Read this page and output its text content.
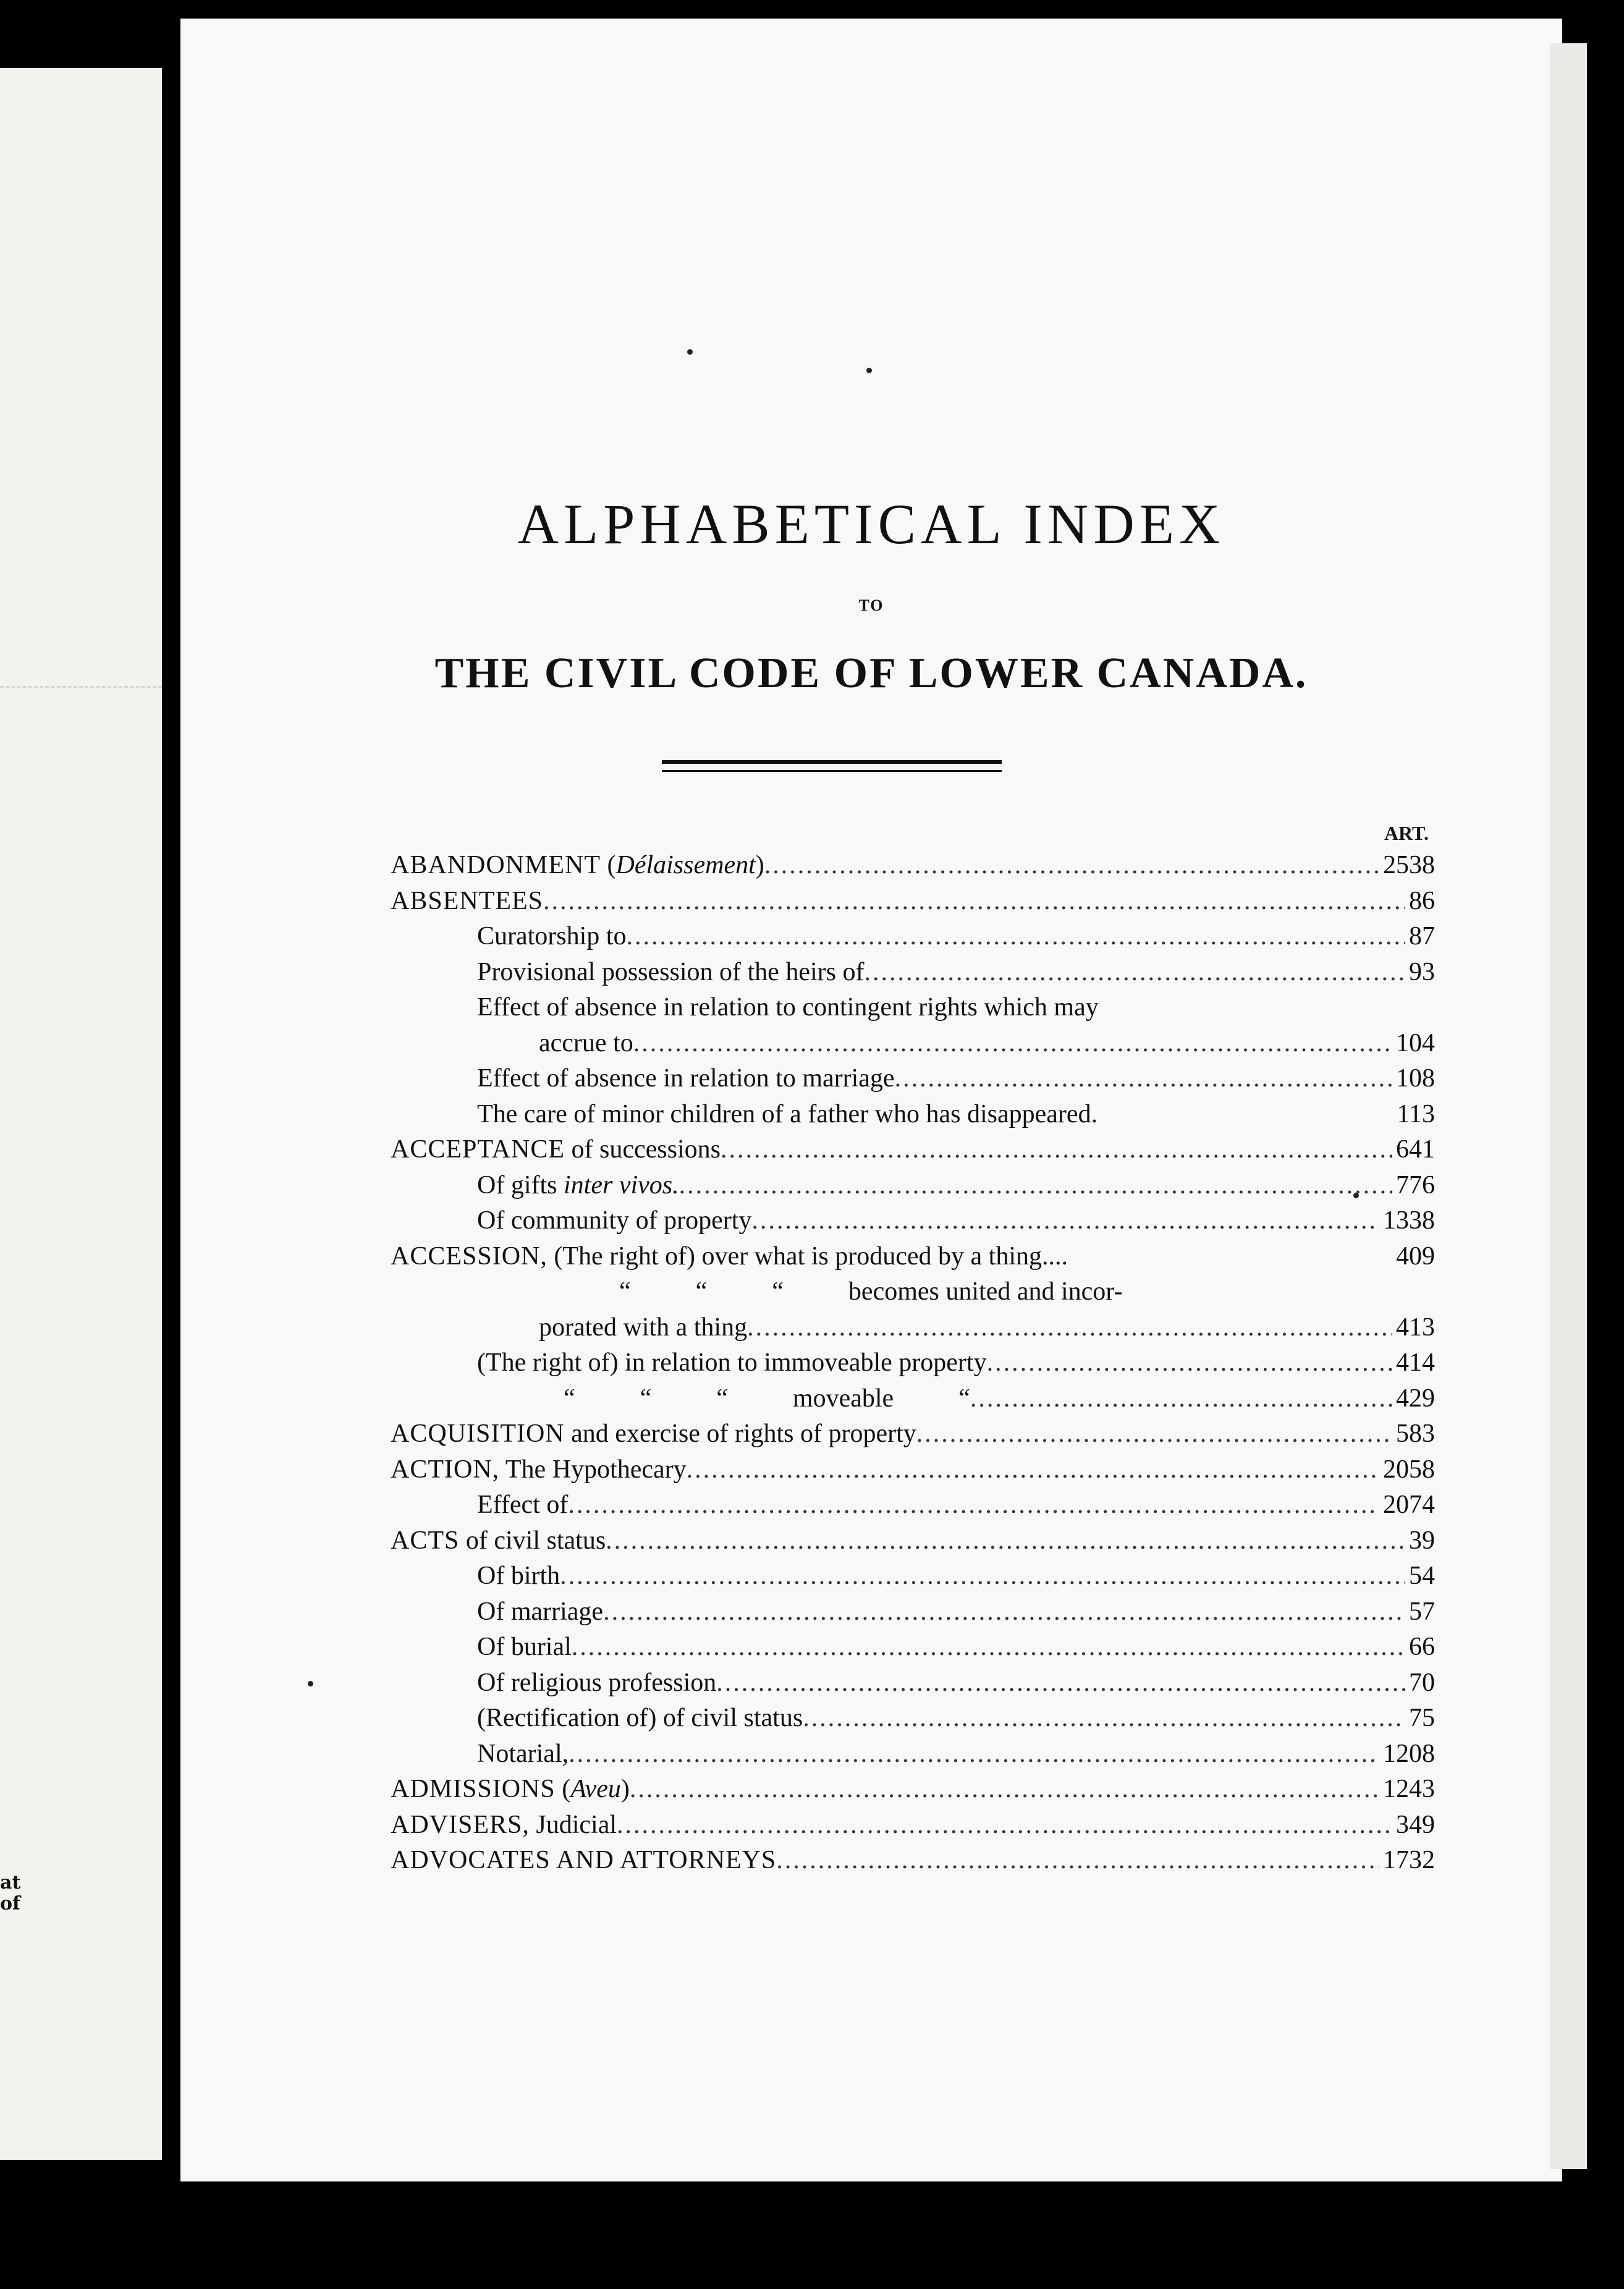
at
of
ALPHABETICAL INDEX
TO
THE CIVIL CODE OF LOWER CANADA.
ART.
ABANDONMENT (Délaissement) .....	2538
ABSENTEES .....	86
Curatorship to .....	87
Provisional possession of the heirs of .....	93
Effect of absence in relation to contingent rights which may
accrue to .....	104
Effect of absence in relation to marriage .....	108
The care of minor children of a father who has disappeared.	113
ACCEPTANCE of successions .....	641
Of gifts inter vivos. .....	776
Of community of property .....	1338
ACCESSION, (The right of) over what is produced by a thing....	409
“          “          “          becomes united and incor-
porated with a thing .....	413
(The right of) in relation to immoveable property .....	414
“          “          “          moveable          “ .....	429
ACQUISITION and exercise of rights of property .....	583
ACTION, The Hypothecary .....	2058
Effect of .....	2074
ACTS of civil status .....	39
Of birth .....	54
Of marriage .....	57
Of burial .....	66
Of religious profession .....	70
(Rectification of) of civil status .....	75
Notarial, .....	1208
ADMISSIONS (Aveu) .....	1243
ADVISERS, Judicial .....	349
ADVOCATES AND ATTORNEYS .....	1732
